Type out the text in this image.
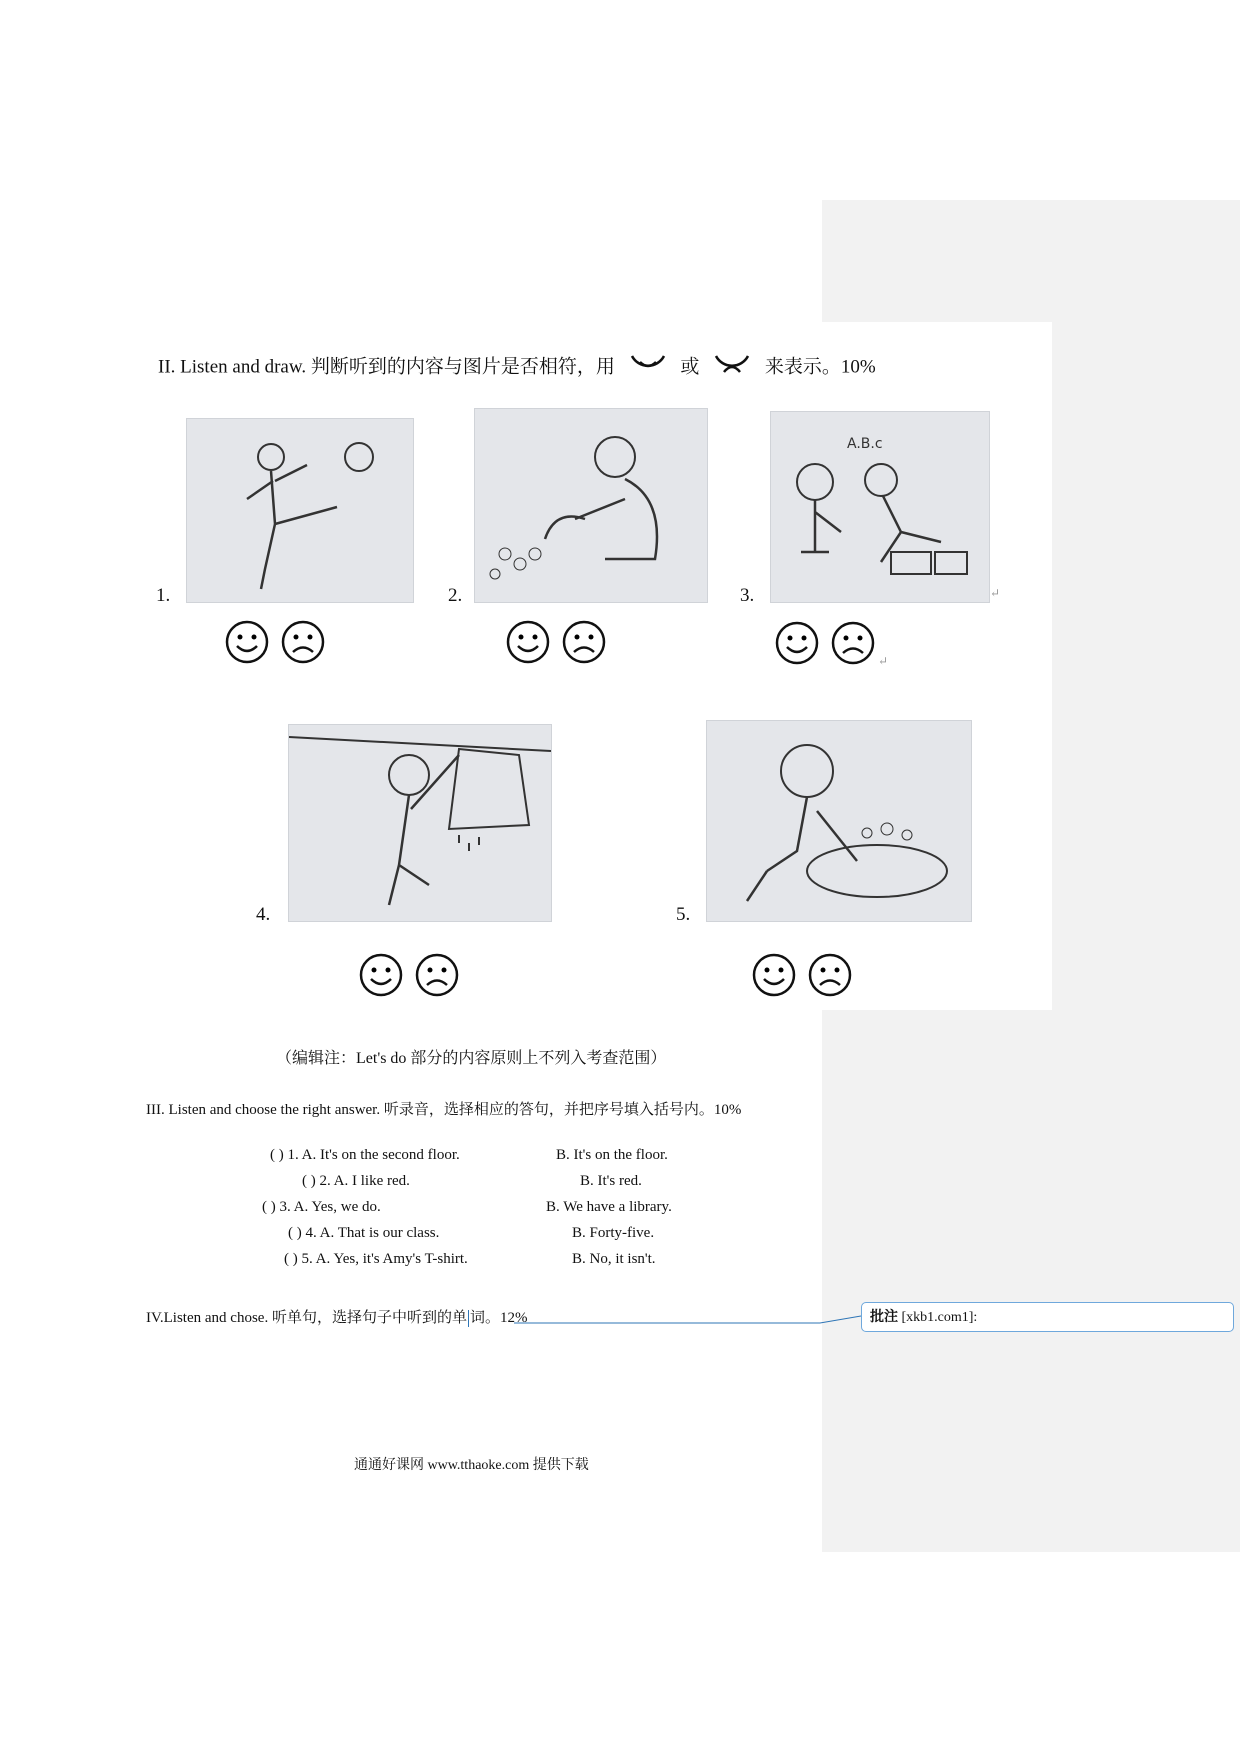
II. Listen and draw. 判断听到的内容与图片是否相符，用	或	来表示。10%
1.	2.	3.
A.B.c
↵
↵
4.	5.
（编辑注：Let's do 部分的内容原则上不列入考查范围）
III. Listen and choose the right answer. 听录音，选择相应的答句，并把序号填入括号内。10%
( ) 1. A. It's on the second floor.	B. It's on the floor.
( ) 2. A. I like red.	B. It's red.
( ) 3. A. Yes, we do.	B. We have a library.
( ) 4. A. That is our class.	B. Forty-five.
( ) 5. A. Yes, it's Amy's T-shirt.	B. No, it isn't.
IV.Listen and chose. 听单句，选择句子中听到的单 词。12%	批注 [xkb1.com1]:
通通好课网 www.tthaoke.com 提供下载
